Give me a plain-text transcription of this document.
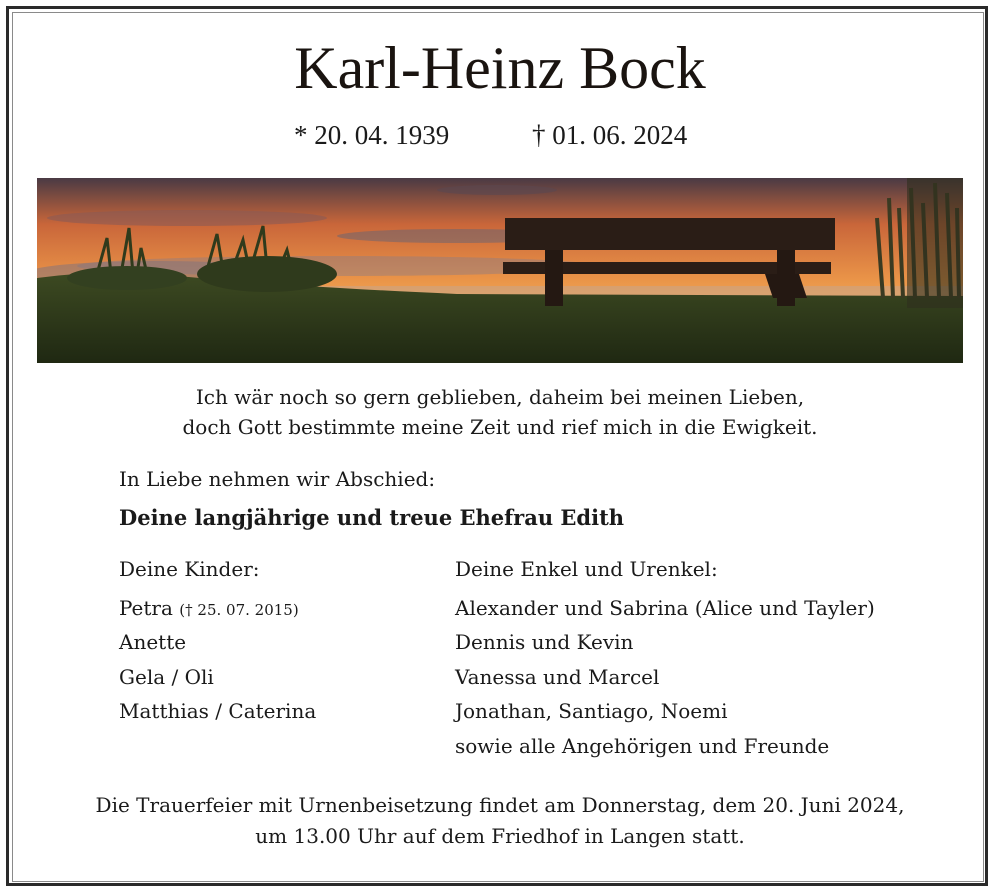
Karl-Heinz Bock
* 20. 04. 1939	† 01. 06. 2024
Ich wär noch so gern geblieben, daheim bei meinen Lieben,
doch Gott bestimmte meine Zeit und rief mich in die Ewigkeit.
In Liebe nehmen wir Abschied:
Deine langjährige und treue Ehefrau Edith
Deine Kinder:
Petra († 25. 07. 2015)
Anette
Gela / Oli
Matthias / Caterina
Deine Enkel und Urenkel:
Alexander und Sabrina (Alice und Tayler)
Dennis und Kevin
Vanessa und Marcel
Jonathan, Santiago, Noemi
sowie alle Angehörigen und Freunde
Die Trauerfeier mit Urnenbeisetzung findet am Donnerstag, dem 20. Juni 2024,
um 13.00 Uhr auf dem Friedhof in Langen statt.
